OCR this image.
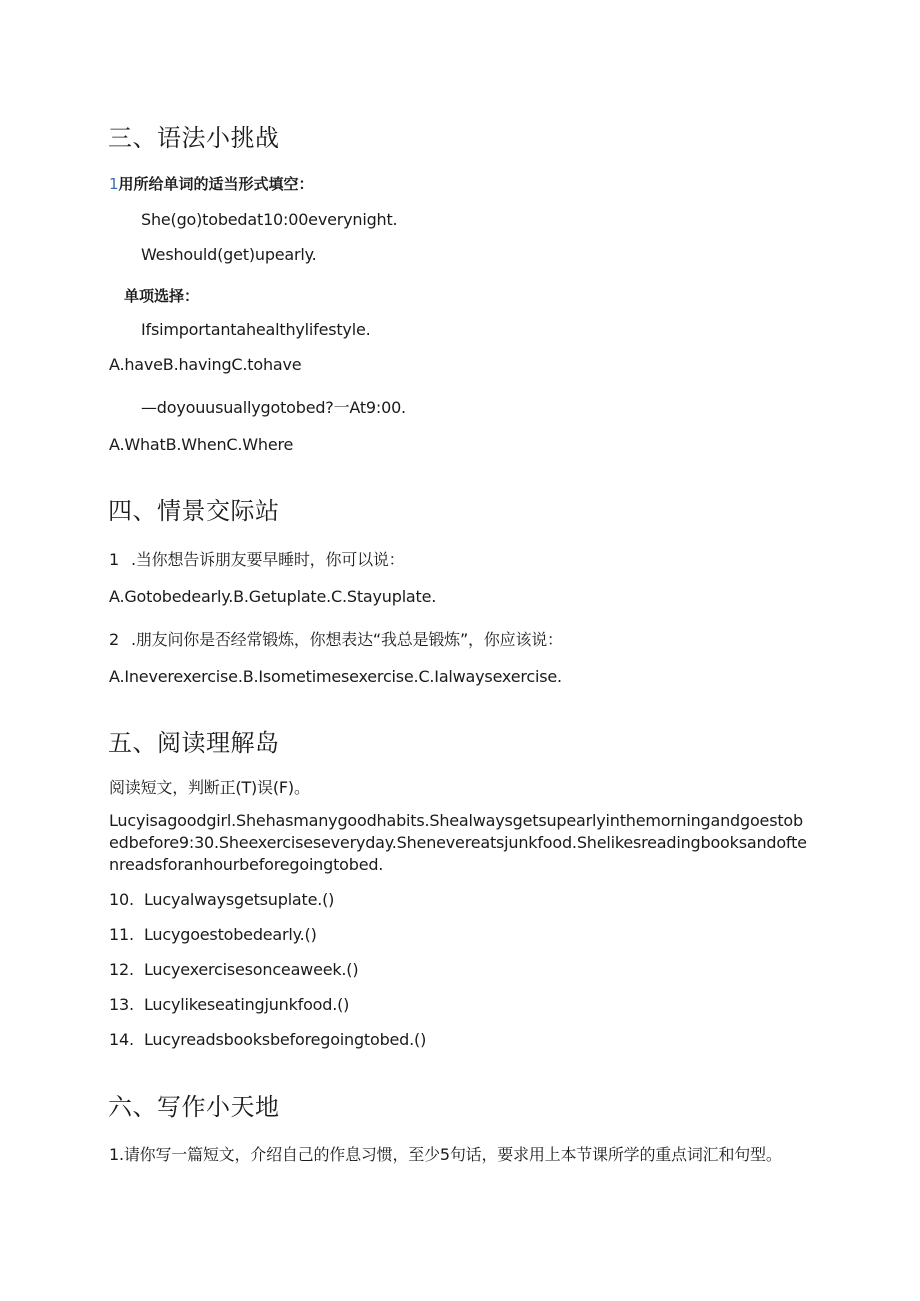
三、语法小挑战
1用所给单词的适当形式填空：
She(go)tobedat10:00everynight.
Weshould(get)upearly.
单项选择：
Ifsimportantahealthylifestyle.
A.haveB.havingC.tohave
—doyouusuallygotobed?一At9:00.
A.WhatB.WhenC.Where
四、情景交际站
1 .当你想告诉朋友要早睡时，你可以说：
A.Gotobedearly.B.Getuplate.C.Stayuplate.
2 .朋友问你是否经常锻炼，你想表达“我总是锻炼”，你应该说：
A.Ineverexercise.B.Isometimesexercise.C.Ialwaysexercise.
五、阅读理解岛
阅读短文，判断正(T)误(F)。
Lucyisagoodgirl.Shehasmanygoodhabits.Shealwaysgetsupearlyinthemorningandgoestobedbefore9:30.Sheexerciseseveryday.Shenevereatsjunkfood.Shelikesreadingbooksandoftenreadsforanhourbeforegoingtobed.
10. Lucyalwaysgetsuplate.()
11. Lucygoestobedearly.()
12. Lucyexercisesonceaweek.()
13. Lucylikeseatingjunkfood.()
14. Lucyreadsbooksbeforegoingtobed.()
六、写作小天地
1.请你写一篇短文，介绍自己的作息习惯，至少5句话，要求用上本节课所学的重点词汇和句型。
